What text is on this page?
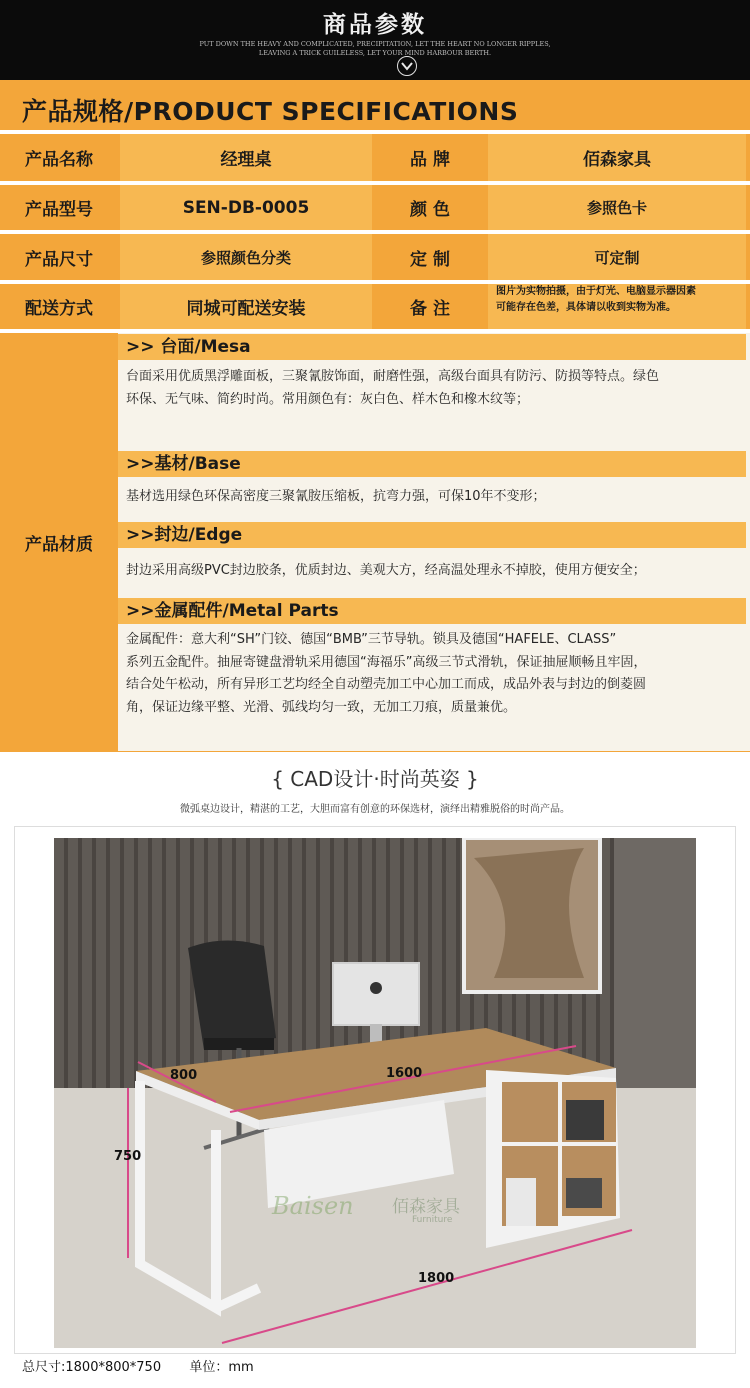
商品参数
PUT DOWN THE HEAVY AND COMPLICATED, PRECIPITATION, LET THE HEART NO LONGER RIPPLES,
LEAVING A TRICK GUILELESS, LET YOUR MIND HARBOUR BERTH.
产品规格/PRODUCT SPECIFICATIONS
产品名称	经理桌	品 牌	佰森家具
产品型号	SEN-DB-0005	颜 色	参照色卡
产品尺寸	参照颜色分类	定 制	可定制
配送方式	同城可配送安装	备 注
图片为实物拍摄，由于灯光、电脑显示器因素
可能存在色差，具体请以收到实物为准。
产品材质
>> 台面/Mesa
台面采用优质黑浮雕面板，三聚氰胺饰面，耐磨性强，高级台面具有防污、防损等特点。绿色
环保、无气味、简约时尚。常用颜色有：灰白色、样木色和橡木纹等；
>>基材/Base
基材选用绿色环保高密度三聚氰胺压缩板，抗弯力强，可保10年不变形；
>>封边/Edge
封边采用高级PVC封边胶条，优质封边、美观大方，经高温处理永不掉胶，使用方便安全；
>>金属配件/Metal Parts
金属配件：意大利“SH”门铰、德国“BMB”三节导轨。锁具及德国“HAFELE、CLASS”
系列五金配件。抽屉寄键盘滑轨采用德国“海福乐”高级三节式滑轨，保证抽屉顺畅且牢固，
结合处午松动，所有异形工艺均经全自动塑壳加工中心加工而成，成品外表与封边的倒菱圆
角，保证边缘平整、光滑、弧线均匀一致，无加工刀痕，质量兼优。
{ CAD设计·时尚英姿 }
微弧桌边设计，精湛的工艺，大胆而富有创意的环保选材，演绎出精雅脱俗的时尚产品。
800	1600
750
1800
Baisen 佰森家具
Furniture
总尺寸:1800*800*750 单位：mm
